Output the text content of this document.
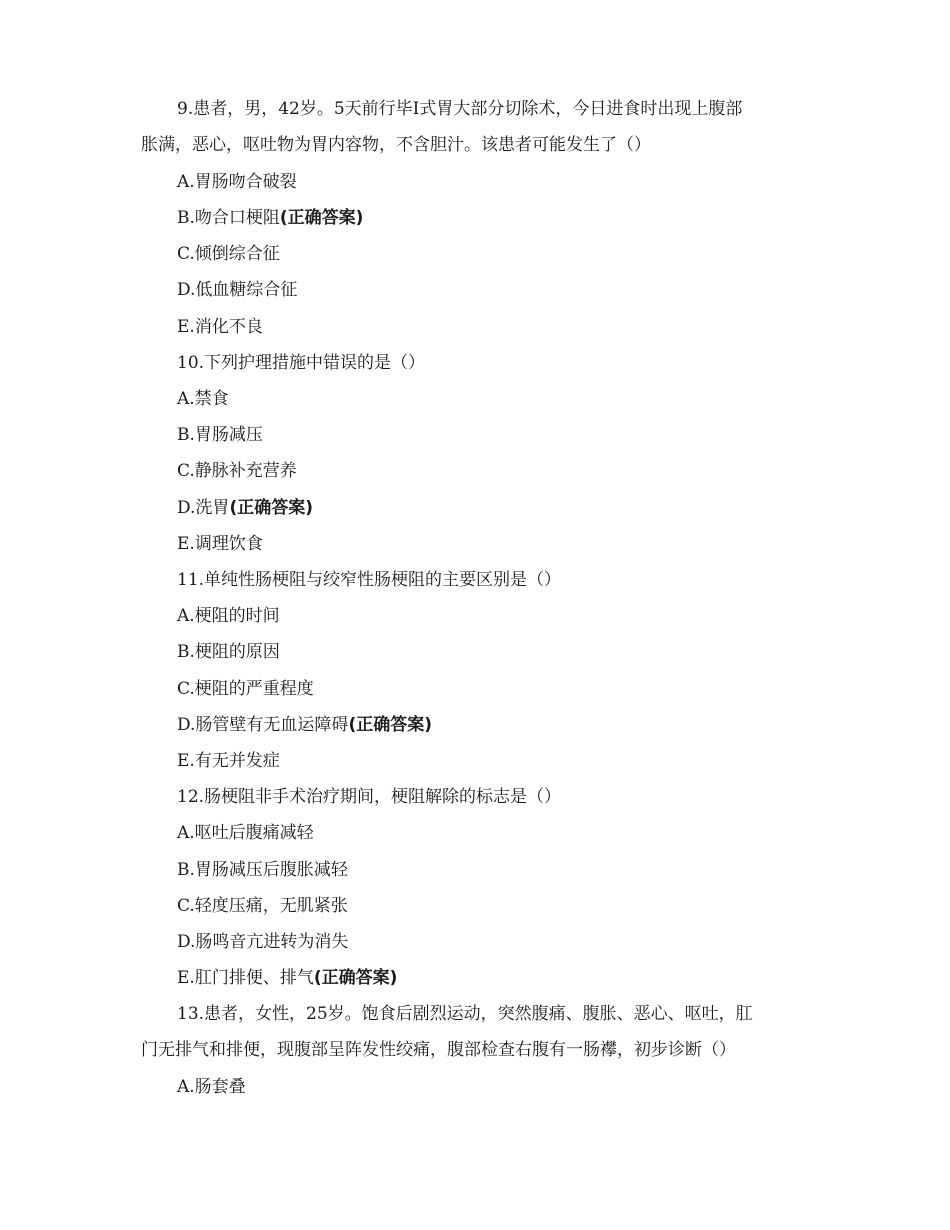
9.患者，男，42岁。5天前行毕Ⅰ式胃大部分切除术，今日进食时出现上腹部
胀满，恶心，呕吐物为胃内容物，不含胆汁。该患者可能发生了（）
A.胃肠吻合破裂
B.吻合口梗阻(正确答案)
C.倾倒综合征
D.低血糖综合征
E.消化不良
10.下列护理措施中错误的是（）
A.禁食
B.胃肠减压
C.静脉补充营养
D.洗胃(正确答案)
E.调理饮食
11.单纯性肠梗阻与绞窄性肠梗阻的主要区别是（）
A.梗阻的时间
B.梗阻的原因
C.梗阻的严重程度
D.肠管壁有无血运障碍(正确答案)
E.有无并发症
12.肠梗阻非手术治疗期间，梗阻解除的标志是（）
A.呕吐后腹痛减轻
B.胃肠减压后腹胀减轻
C.轻度压痛，无肌紧张
D.肠鸣音亢进转为消失
E.肛门排便、排气(正确答案)
13.患者，女性，25岁。饱食后剧烈运动，突然腹痛、腹胀、恶心、呕吐，肛
门无排气和排便，现腹部呈阵发性绞痛，腹部检查右腹有一肠襻，初步诊断（）
A.肠套叠
